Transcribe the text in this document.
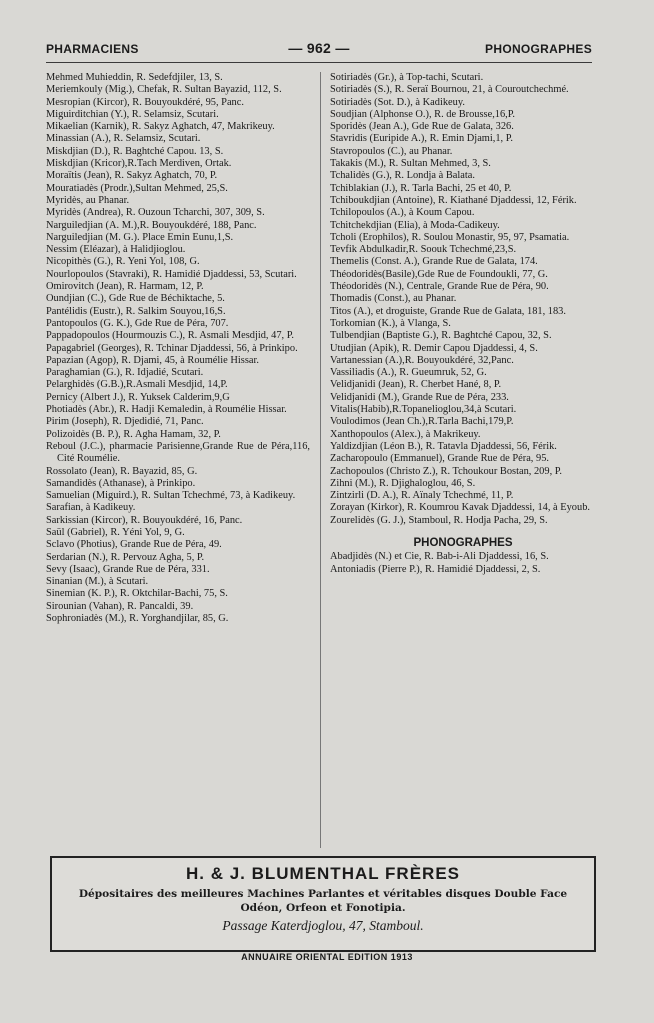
PHARMACIENS	— 962 —	PHONOGRAPHES

Mehmed Muhieddin, R. Sedefdjiler, 13, S.

Meriemkouly (Mig.), Chefak, R. Sultan Bayazid, 112, S.

Mesropian (Kircor), R. Bouyoukdéré, 95, Panc.

Miguirditchian (Y.), R. Selamsiz, Scutari.

Mikaelian (Karnik), R. Sakyz Aghatch, 47, Makrikeuy.

Minassian (A.), R. Selamsiz, Scutari.

Miskdjian (D.), R. Baghtché Capou. 13, S.

Miskdjian (Kricor),R.Tach Merdiven, Ortak.

Moraïtis (Jean), R. Sakyz Aghatch, 70, P.

Mouratiadès (Prodr.),Sultan Mehmed, 25,S.

Myridès, au Phanar.

Myridès (Andrea), R. Ouzoun Tcharchi, 307, 309, S.

Narguiledjian (A. M.),R. Bouyoukdéré, 188, Panc.

Narguiledjian (M. G.). Place Emin Eunu,1,S.

Nessim (Eléazar), à Halidjioglou.

Nicopithès (G.), R. Yeni Yol, 108, G.

Nourlopoulos (Stavraki), R. Hamidié Djaddessi, 53, Scutari.

Omirovitch (Jean), R. Harmam, 12, P.

Oundjian (C.), Gde Rue de Béchiktache, 5.

Pantélidis (Eustr.), R. Salkim Souyou,16,S.

Pantopoulos (G. K.), Gde Rue de Péra, 707.

Pappadopoulos (Hourmouzis C.), R. Asmali Mesdjid, 47, P.

Papagabriel (Georges), R. Tchinar Djaddessi, 56, à Prinkipo.

Papazian (Agop), R. Djami, 45, à Roumélie Hissar.

Paraghamian (G.), R. Idjadié, Scutari.

Pelarghidès (G.B.),R.Asmali Mesdjid, 14,P.

Pernicy (Albert J.), R. Yuksek Calderim,9,G

Photiadès (Abr.), R. Hadji Kemaledin, à Roumélie Hissar.

Pirim (Joseph), R. Djedidié, 71, Panc.

Polizoidès (B. P.), R. Agha Hamam, 32, P.

Reboul (J.C.), pharmacie Parisienne,Grande Rue de Péra,116, Cité Roumélie.

Rossolato (Jean), R. Bayazid, 85, G.

Samandidès (Athanase), à Prinkipo.

Samuelian (Miguird.), R. Sultan Tchechmé, 73, à Kadikeuy.

Sarafian, à Kadikeuy.

Sarkissian (Kircor), R. Bouyoukdéré, 16, Panc.

Saül (Gabriel), R. Yéni Yol, 9, G.

Sclavo (Photius), Grande Rue de Péra, 49.

Serdarian (N.), R. Pervouz Agha, 5, P.

Sevy (Isaac), Grande Rue de Péra, 331.

Sinanian (M.), à Scutari.

Sinemian (K. P.), R. Oktchilar-Bachi, 75, S.

Sirounian (Vahan), R. Pancaldi, 39.

Sophroniadès (M.), R. Yorghandjilar, 85, G.

Sotiriadès (Gr.), à Top-tachi, Scutari.

Sotiriadès (S.), R. Seraï Bournou, 21, à Couroutchechmé.

Sotiriadès (Sot. D.), à Kadikeuy.

Soudjian (Alphonse O.), R. de Brousse,16,P.

Sporidès (Jean A.), Gde Rue de Galata, 326.

Stavridis (Euripide A.), R. Emin Djami,1, P.

Stavropoulos (C.), au Phanar.

Takakis (M.), R. Sultan Mehmed, 3, S.

Tchalidès (G.), R. Londja à Balata.

Tchiblakian (J.), R. Tarla Bachi, 25 et 40, P.

Tchiboukdjian (Antoine), R. Kiathané Djaddessi, 12, Férik.

Tchilopoulos (A.), à Koum Capou.

Tchitchekdjian (Elia), à Moda-Cadikeuy.

Tcholi (Erophilos), R. Soulou Monastir, 95, 97, Psamatia.

Tevfik Abdulkadir,R. Soouk Tchechmé,23,S.

Themelis (Const. A.), Grande Rue de Galata, 174.

Théodoridès(Basile),Gde Rue de Foundoukli, 77, G.

Théodoridès (N.), Centrale, Grande Rue de Péra, 90.

Thomadis (Const.), au Phanar.

Titos (A.), et droguiste, Grande Rue de Galata, 181, 183.

Torkomian (K.), à Vlanga, S.

Tulbendjian (Baptiste G.), R. Baghtché Capou, 32, S.

Utudjian (Apik), R. Demir Capou Djaddessi, 4, S.

Vartanessian (A.),R. Bouyoukdéré, 32,Panc.

Vassiliadis (A.), R. Gueumruk, 52, G.

Velidjanidi (Jean), R. Cherbet Hané, 8, P.

Velidjanidi (M.), Grande Rue de Péra, 233.

Vitalis(Habib),R.Topanelioglou,34,à Scutari.

Voulodimos (Jean Ch.),R.Tarla Bachi,179,P.

Xanthopoulos (Alex.), à Makrikeuy.

Yaldizdjian (Léon B.), R. Tatavla Djaddessi, 56, Férik.

Zacharopoulo (Emmanuel), Grande Rue de Péra, 95.

Zachopoulos (Christo Z.), R. Tchoukour Bostan, 209, P.

Zihni (M.), R. Djighaloglou, 46, S.

Zintzirli (D. A.), R. Aïnaly Tchechmé, 11, P.

Zorayan (Kirkor), R. Koumrou Kavak Djaddessi, 14, à Eyoub.

Zourelidès (G. J.), Stamboul, R. Hodja Pacha, 29, S.

PHONOGRAPHES

Abadjidès (N.) et Cie, R. Bab-i-Ali Djaddessi, 16, S.

Antoniadis (Pierre P.), R. Hamidié Djaddessi, 2, S.

H. & J. BLUMENTHAL FRÈRES
Dépositaires des meilleures Machines Parlantes et véritables disques Double Face Odéon, Orfeon et Fonotipia.
Passage Katerdjoglou, 47, Stamboul.
ANNUAIRE ORIENTAL EDITION 1913
